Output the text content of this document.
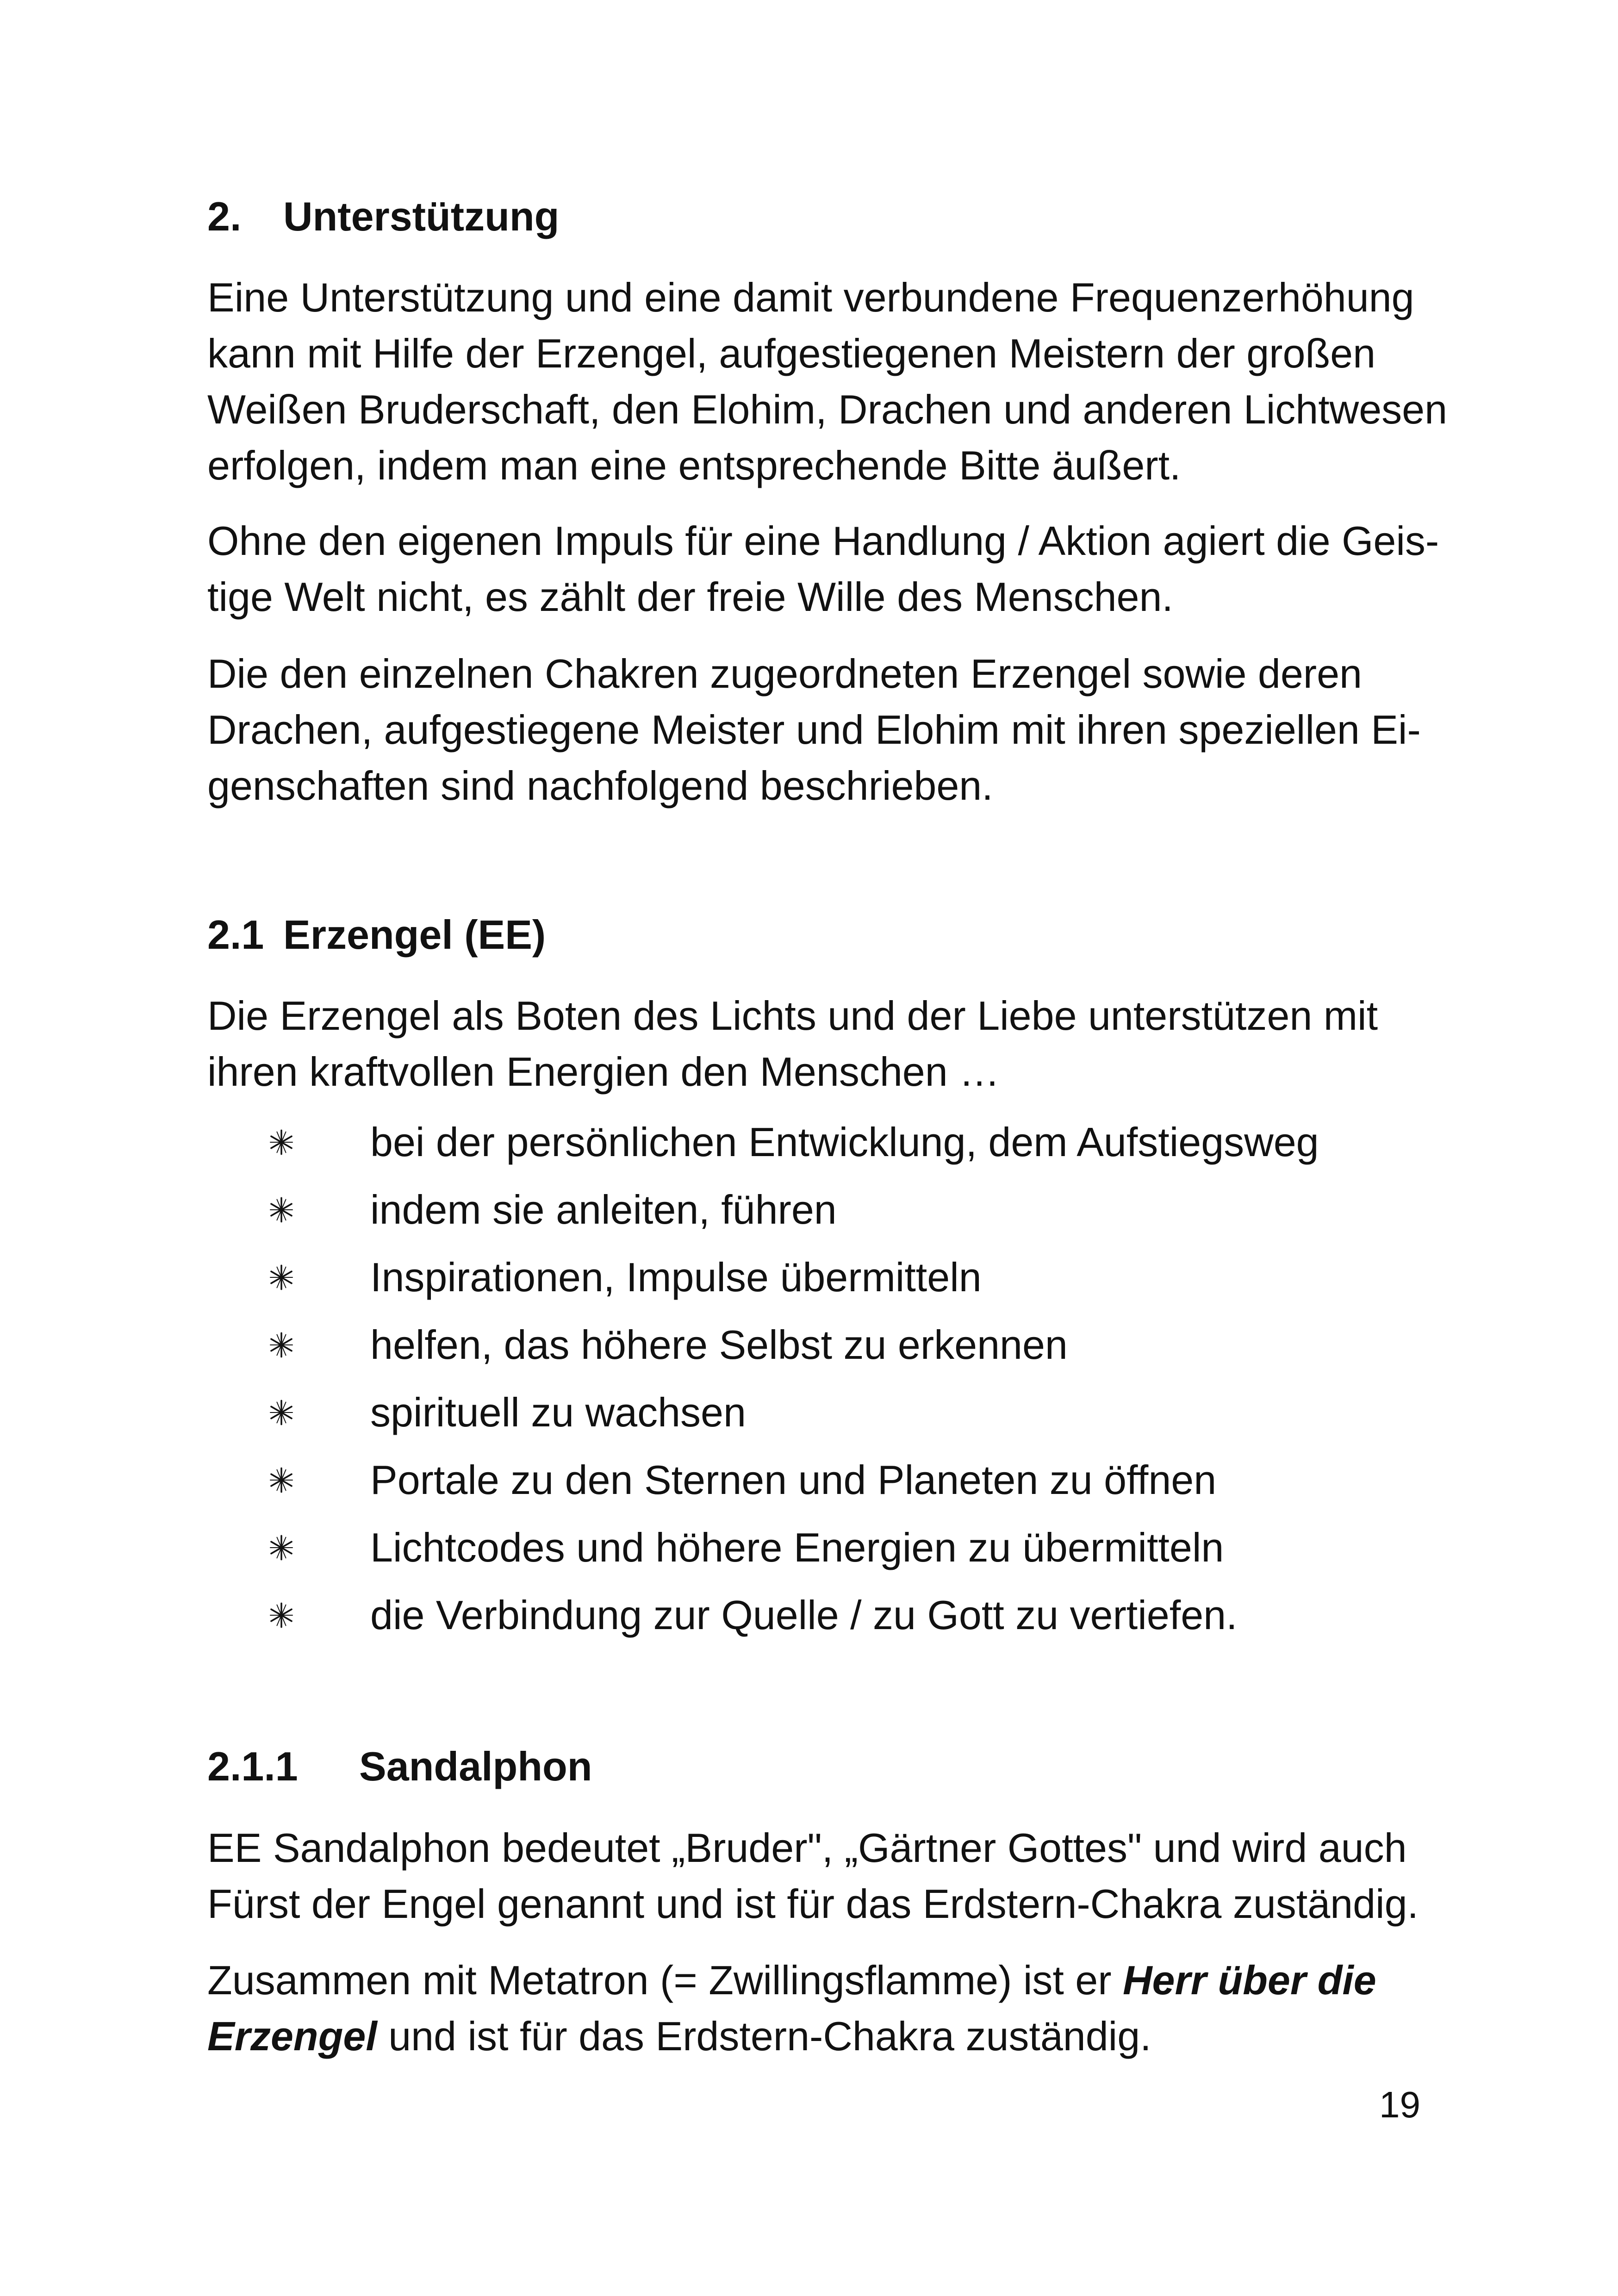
2. Unterstützung

Eine Unterstützung und eine damit verbundene Frequenzerhöhung kann mit Hilfe der Erzengel, aufgestiegenen Meistern der großen Weißen Bruderschaft, den Elohim, Drachen und anderen Lichtwesen erfolgen, indem man eine entsprechende Bitte äußert.

Ohne den eigenen Impuls für eine Handlung / Aktion agiert die Geis-tige Welt nicht, es zählt der freie Wille des Menschen.

Die den einzelnen Chakren zugeordneten Erzengel sowie deren Drachen, aufgestiegene Meister und Elohim mit ihren speziellen Ei-genschaften sind nachfolgend beschrieben.

2.1 Erzengel (EE)

Die Erzengel als Boten des Lichts und der Liebe unterstützen mit ihren kraftvollen Energien den Menschen …

bei der persönlichen Entwicklung, dem Aufstiegsweg
indem sie anleiten, führen
Inspirationen, Impulse übermitteln
helfen, das höhere Selbst zu erkennen
spirituell zu wachsen
Portale zu den Sternen und Planeten zu öffnen
Lichtcodes und höhere Energien zu übermitteln
die Verbindung zur Quelle / zu Gott zu vertiefen.
2.1.1 Sandalphon

EE Sandalphon bedeutet „Bruder", „Gärtner Gottes" und wird auch Fürst der Engel genannt und ist für das Erdstern-Chakra zuständig.

Zusammen mit Metatron (= Zwillingsflamme) ist er Herr über die Erzengel und ist für das Erdstern-Chakra zuständig.

19
